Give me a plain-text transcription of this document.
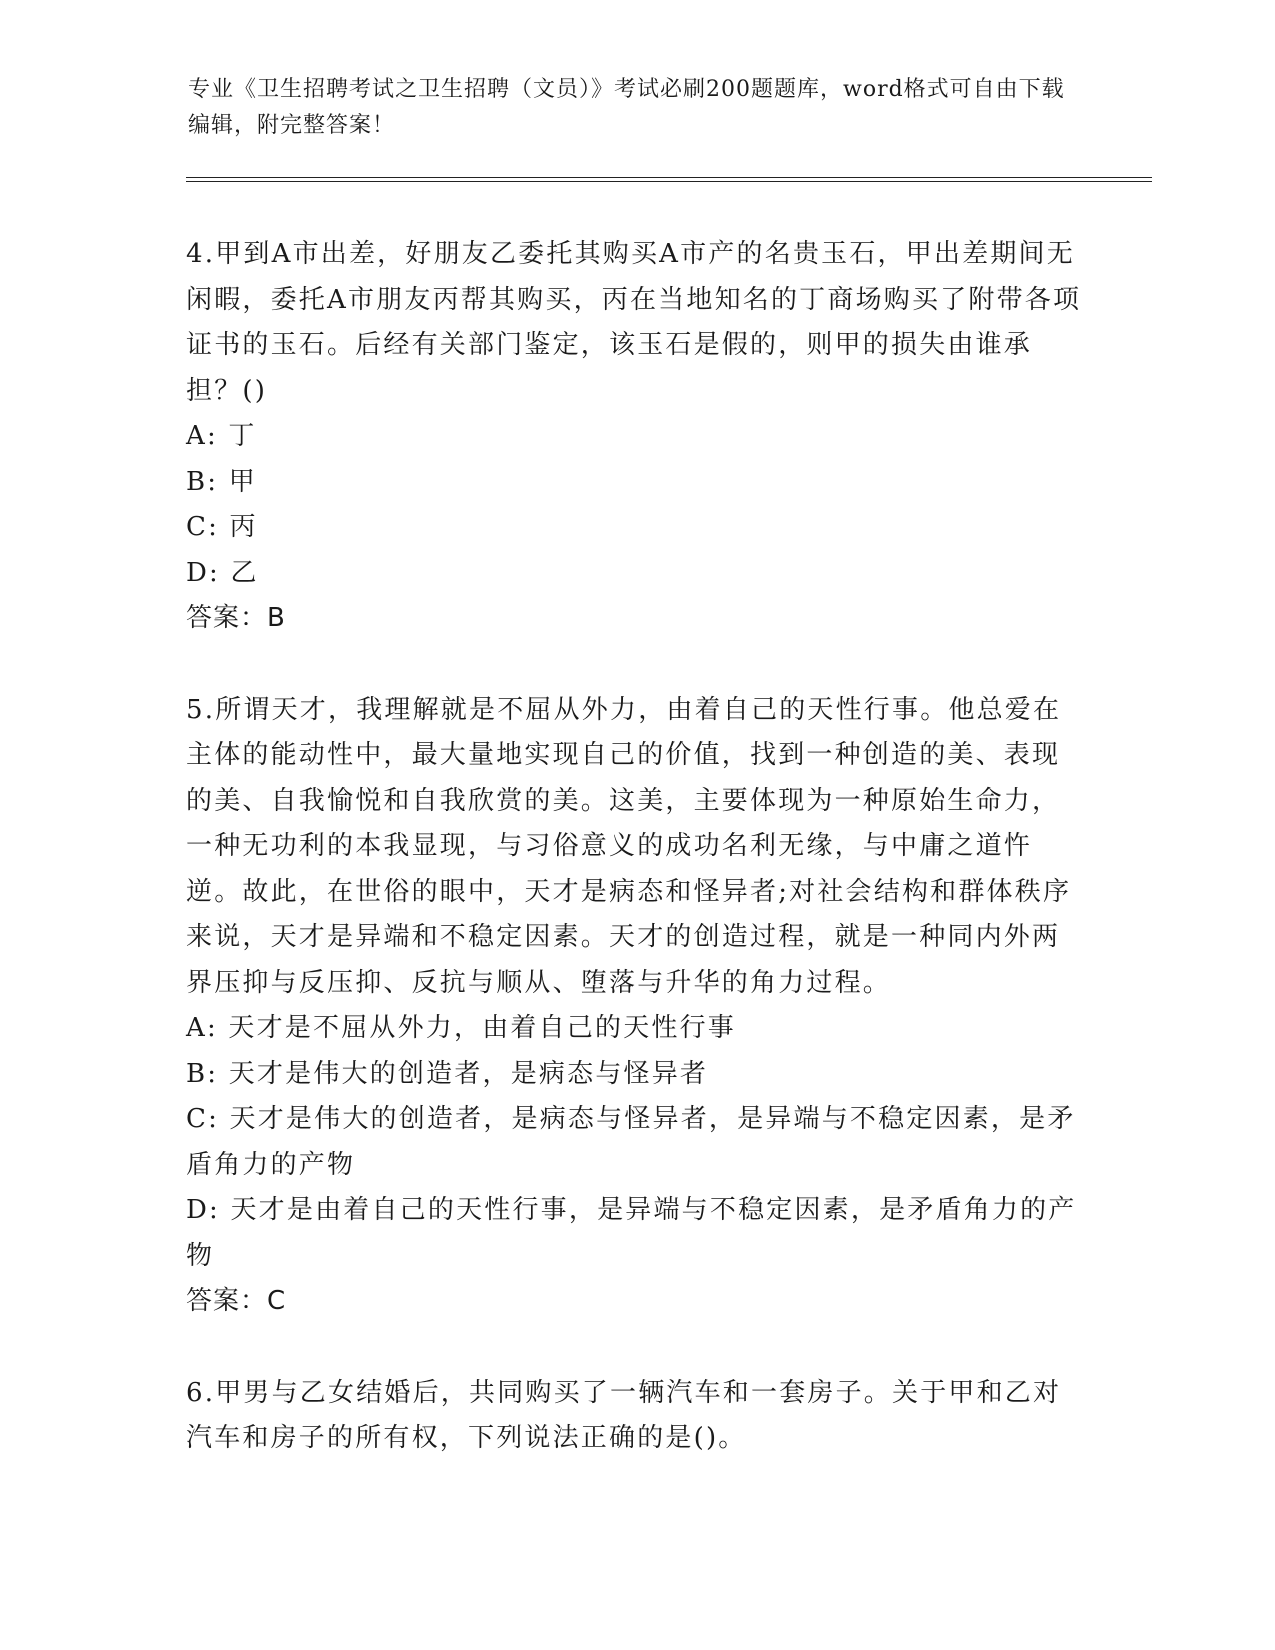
专业《卫生招聘考试之卫生招聘（文员）》考试必刷200题题库，word格式可自由下载编辑，附完整答案！

4.甲到A市出差，好朋友乙委托其购买A市产的名贵玉石，甲出差期间无闲暇，委托A市朋友丙帮其购买，丙在当地知名的丁商场购买了附带各项证书的玉石。后经有关部门鉴定，该玉石是假的，则甲的损失由谁承担？()

A: 丁

B: 甲

C: 丙

D: 乙

答案：B

5.所谓天才，我理解就是不屈从外力，由着自己的天性行事。他总爱在主体的能动性中，最大量地实现自己的价值，找到一种创造的美、表现的美、自我愉悦和自我欣赏的美。这美，主要体现为一种原始生命力，一种无功利的本我显现，与习俗意义的成功名利无缘，与中庸之道忤逆。故此，在世俗的眼中，天才是病态和怪异者;对社会结构和群体秩序来说，天才是异端和不稳定因素。天才的创造过程，就是一种同内外两界压抑与反压抑、反抗与顺从、堕落与升华的角力过程。

A: 天才是不屈从外力，由着自己的天性行事

B: 天才是伟大的创造者，是病态与怪异者

C: 天才是伟大的创造者，是病态与怪异者，是异端与不稳定因素，是矛盾角力的产物

D: 天才是由着自己的天性行事，是异端与不稳定因素，是矛盾角力的产物

答案：C

6.甲男与乙女结婚后，共同购买了一辆汽车和一套房子。关于甲和乙对汽车和房子的所有权，下列说法正确的是()。
